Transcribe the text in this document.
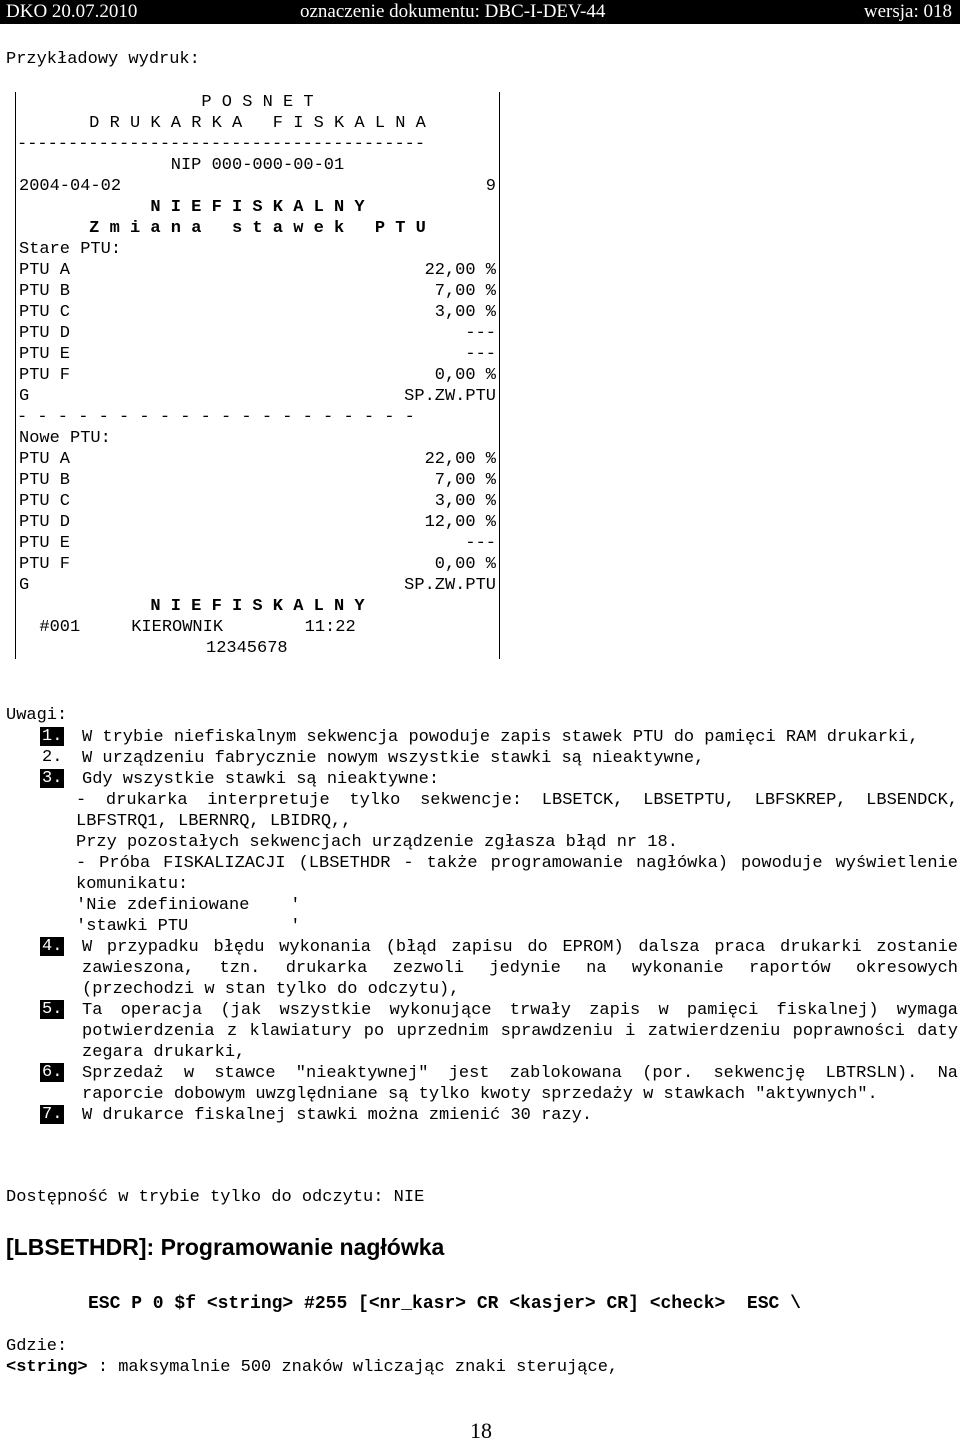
DKO 20.07.2010	oznaczenie dokumentu: DBC-I-DEV-44	wersja: 018
Przykładowy wydruk:
P O S N E T
D R U K A R K A   F I S K A L N A
----------------------------------------
NIP 000-000-00-01
2004-04-02	9
N I E F I S K A L N Y
Z m i a n a   s t a w e k   P T U
Stare PTU:
PTU A	22,00 %
PTU B	7,00 %
PTU C	3,00 %
PTU D	---
PTU E	---
PTU F	0,00 %
G	SP.ZW.PTU
- - - - - - - - - - - - - - - - - - - -
Nowe PTU:
PTU A	22,00 %
PTU B	7,00 %
PTU C	3,00 %
PTU D	12,00 %
PTU E	---
PTU F	0,00 %
G	SP.ZW.PTU
N I E F I S K A L N Y
#001     KIEROWNIK        11:22
12345678
Uwagi:
1. W trybie niefiskalnym sekwencja powoduje zapis stawek PTU do pamięci RAM drukarki,
2. W urządzeniu fabrycznie nowym wszystkie stawki są nieaktywne,
3. Gdy wszystkie stawki są nieaktywne:
- drukarka interpretuje tylko sekwencje: LBSETCK, LBSETPTU, LBFSKREP, LBSENDCK, LBFSTRQ1, LBERNRQ, LBIDRQ,,
Przy pozostałych sekwencjach urządzenie zgłasza błąd nr 18.
- Próba FISKALIZACJI (LBSETHDR - także programowanie nagłówka) powoduje wyświetlenie komunikatu:
'Nie zdefiniowane    '
'stawki PTU          '
4. W przypadku błędu wykonania (błąd zapisu do EPROM) dalsza praca drukarki zostanie zawieszona, tzn. drukarka zezwoli jedynie na wykonanie raportów okresowych (przechodzi w stan tylko do odczytu),
5. Ta operacja (jak wszystkie wykonujące trwały zapis w pamięci fiskalnej) wymaga potwierdzenia z klawiatury po uprzednim sprawdzeniu i zatwierdzeniu poprawności daty zegara drukarki,
6. Sprzedaż w stawce "nieaktywnej" jest zablokowana (por. sekwencję LBTRSLN). Na raporcie dobowym uwzględniane są tylko kwoty sprzedaży w stawkach "aktywnych".
7. W drukarce fiskalnej stawki można zmienić 30 razy.
Dostępność w trybie tylko do odczytu: NIE
[LBSETHDR]: Programowanie nagłówka
ESC P 0 $f <string> #255 [<nr_kasr> CR <kasjer> CR] <check>  ESC \
Gdzie:
<string> : maksymalnie 500 znaków wliczając znaki sterujące,
18
